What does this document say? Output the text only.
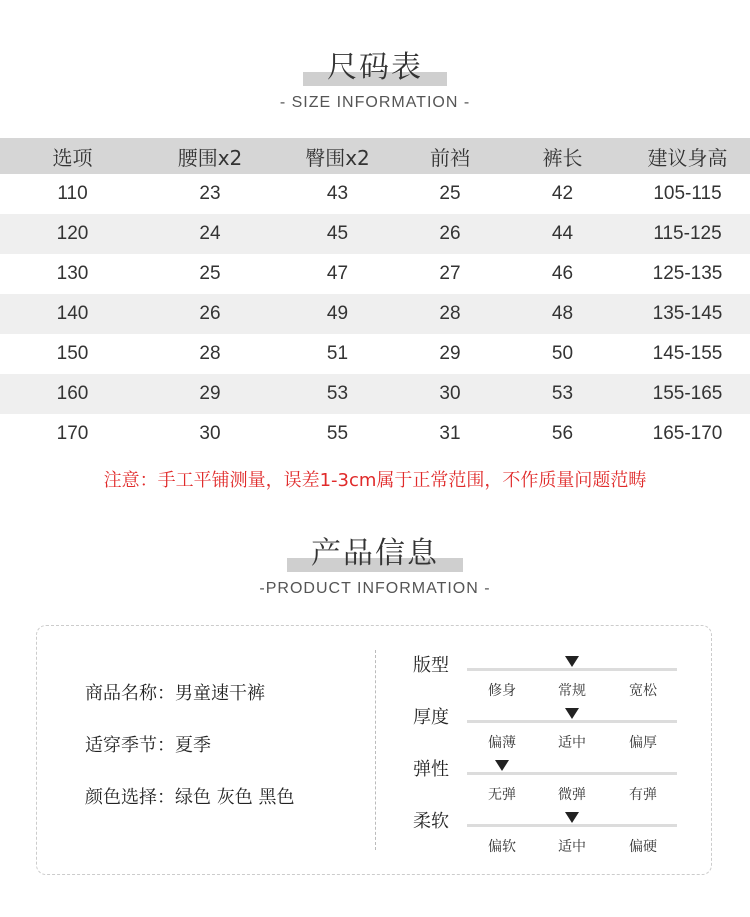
尺码表
- SIZE INFORMATION -
选项	腰围x2	臀围x2	前裆	裤长	建议身高
110	23	43	25	42	105-115
120	24	45	26	44	115-125
130	25	47	27	46	125-135
140	26	49	28	48	135-145
150	28	51	29	50	145-155
160	29	53	30	53	155-165
170	30	55	31	56	165-170
注意：手工平铺测量，误差1-3cm属于正常范围，不作质量问题范畴
产品信息
-PRODUCT INFORMATION -
商品名称：男童速干裤
适穿季节：夏季
颜色选择：绿色 灰色 黑色
版型
修身	常规	宽松
厚度
偏薄	适中	偏厚
弹性
无弹	微弹	有弹
柔软
偏软	适中	偏硬
